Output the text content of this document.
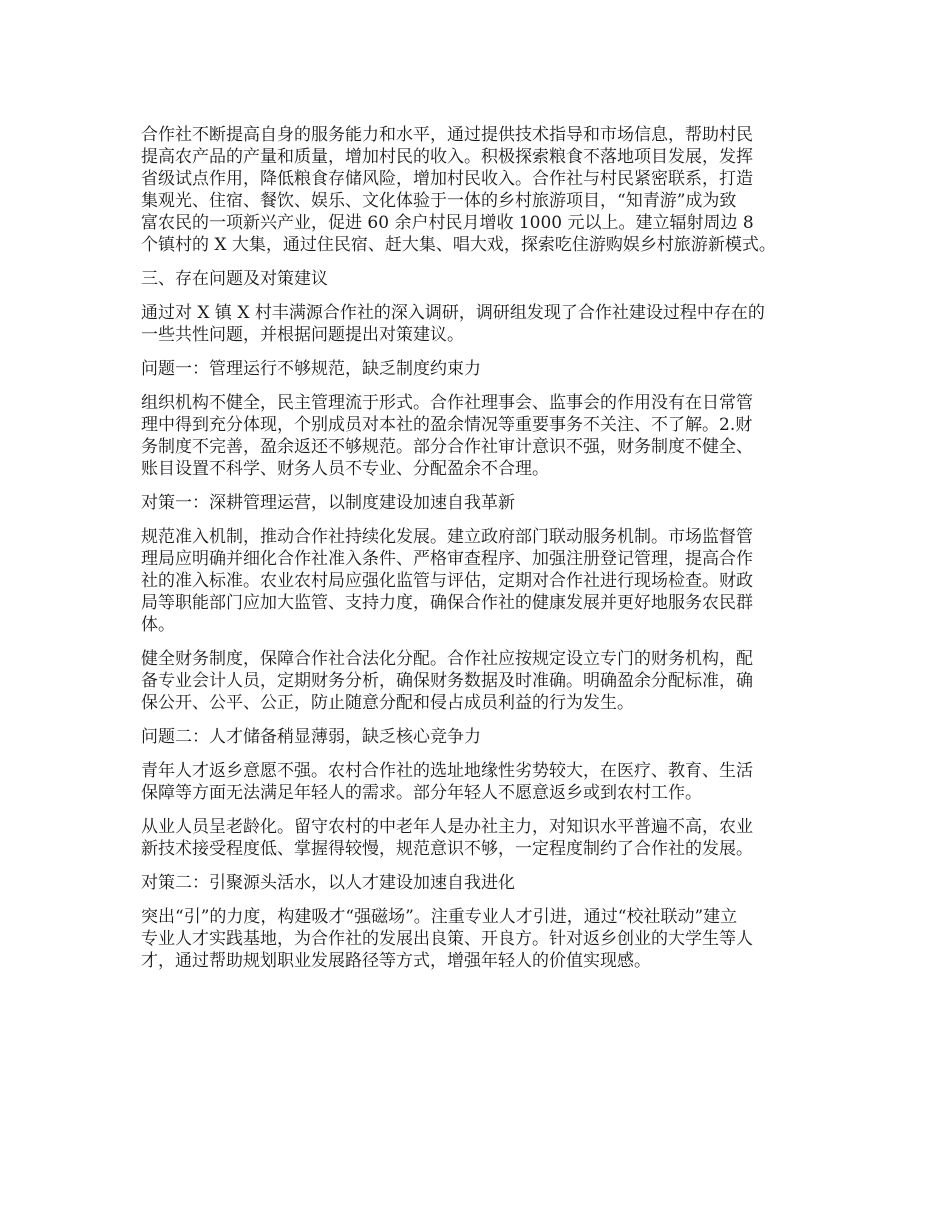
合作社不断提高自身的服务能力和水平，通过提供技术指导和市场信息，帮助村民
提高农产品的产量和质量，增加村民的收入。积极探索粮食不落地项目发展，发挥
省级试点作用，降低粮食存储风险，增加村民收入。合作社与村民紧密联系，打造
集观光、住宿、餐饮、娱乐、文化体验于一体的乡村旅游项目，“知青游”成为致
富农民的一项新兴产业，促进 60 余户村民月增收 1000 元以上。建立辐射周边 8
个镇村的 X 大集，通过住民宿、赶大集、唱大戏，探索吃住游购娱乡村旅游新模式。
三、存在问题及对策建议
通过对 X 镇 X 村丰满源合作社的深入调研，调研组发现了合作社建设过程中存在的
一些共性问题，并根据问题提出对策建议。
问题一：管理运行不够规范，缺乏制度约束力
组织机构不健全，民主管理流于形式。合作社理事会、监事会的作用没有在日常管
理中得到充分体现，个别成员对本社的盈余情况等重要事务不关注、不了解。2.财
务制度不完善，盈余返还不够规范。部分合作社审计意识不强，财务制度不健全、
账目设置不科学、财务人员不专业、分配盈余不合理。
对策一：深耕管理运营，以制度建设加速自我革新
规范准入机制，推动合作社持续化发展。建立政府部门联动服务机制。市场监督管
理局应明确并细化合作社准入条件、严格审查程序、加强注册登记管理，提高合作
社的准入标准。农业农村局应强化监管与评估，定期对合作社进行现场检查。财政
局等职能部门应加大监管、支持力度，确保合作社的健康发展并更好地服务农民群
体。
健全财务制度，保障合作社合法化分配。合作社应按规定设立专门的财务机构，配
备专业会计人员，定期财务分析，确保财务数据及时准确。明确盈余分配标准，确
保公开、公平、公正，防止随意分配和侵占成员利益的行为发生。
问题二：人才储备稍显薄弱，缺乏核心竞争力
青年人才返乡意愿不强。农村合作社的选址地缘性劣势较大，在医疗、教育、生活
保障等方面无法满足年轻人的需求。部分年轻人不愿意返乡或到农村工作。
从业人员呈老龄化。留守农村的中老年人是办社主力，对知识水平普遍不高，农业
新技术接受程度低、掌握得较慢，规范意识不够，一定程度制约了合作社的发展。
对策二：引聚源头活水，以人才建设加速自我进化
突出“引”的力度，构建吸才“强磁场”。注重专业人才引进，通过“校社联动”建立
专业人才实践基地，为合作社的发展出良策、开良方。针对返乡创业的大学生等人
才，通过帮助规划职业发展路径等方式，增强年轻人的价值实现感。
